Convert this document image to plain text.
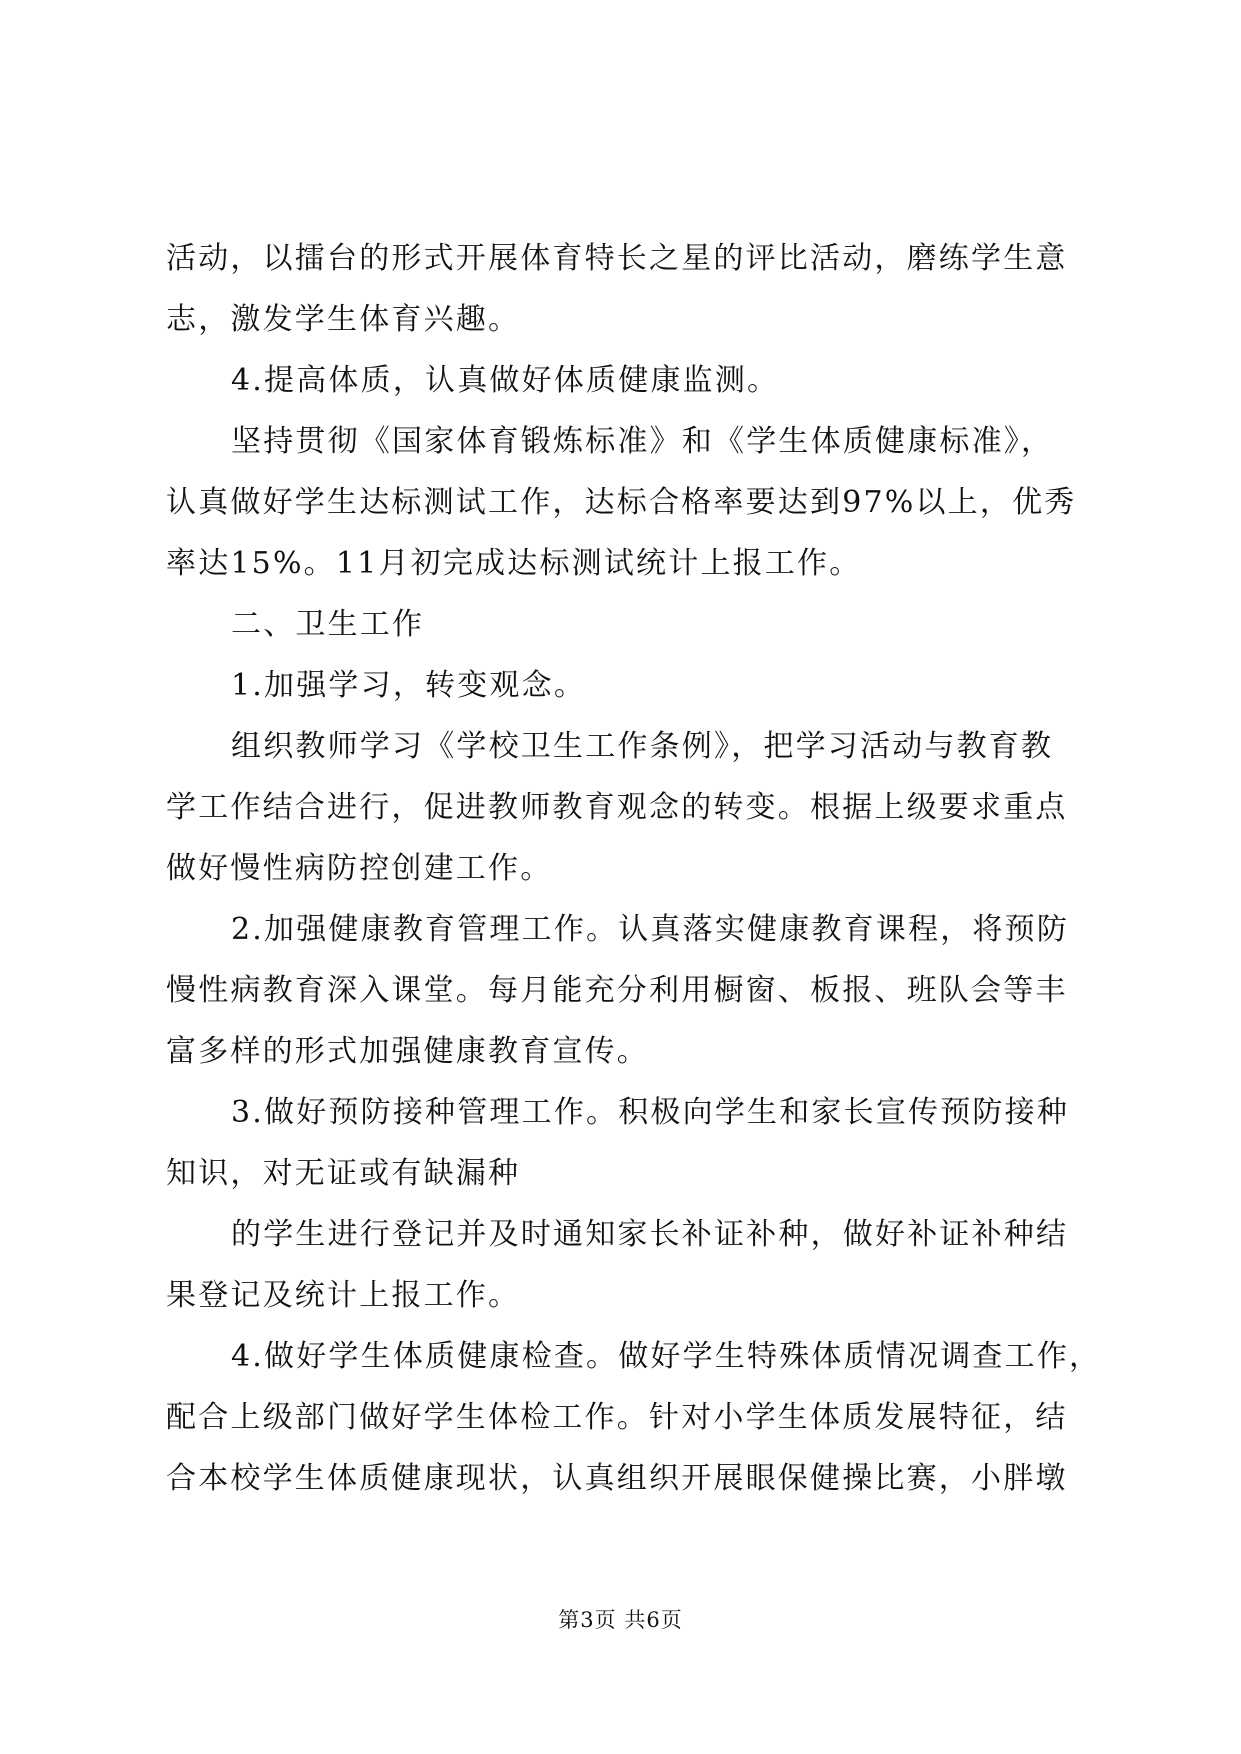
活动，以擂台的形式开展体育特长之星的评比活动，磨练学生意
志，激发学生体育兴趣。
4.提高体质，认真做好体质健康监测。
坚持贯彻《国家体育锻炼标准》和《学生体质健康标准》，
认真做好学生达标测试工作，达标合格率要达到97%以上，优秀
率达15%。11月初完成达标测试统计上报工作。
二、卫生工作
1.加强学习，转变观念。
组织教师学习《学校卫生工作条例》，把学习活动与教育教
学工作结合进行，促进教师教育观念的转变。根据上级要求重点
做好慢性病防控创建工作。
2.加强健康教育管理工作。认真落实健康教育课程，将预防
慢性病教育深入课堂。每月能充分利用橱窗、板报、班队会等丰
富多样的形式加强健康教育宣传。
3.做好预防接种管理工作。积极向学生和家长宣传预防接种
知识，对无证或有缺漏种
的学生进行登记并及时通知家长补证补种，做好补证补种结
果登记及统计上报工作。
4.做好学生体质健康检查。做好学生特殊体质情况调查工作，
配合上级部门做好学生体检工作。针对小学生体质发展特征，结
合本校学生体质健康现状，认真组织开展眼保健操比赛，小胖墩
第3页 共6页
